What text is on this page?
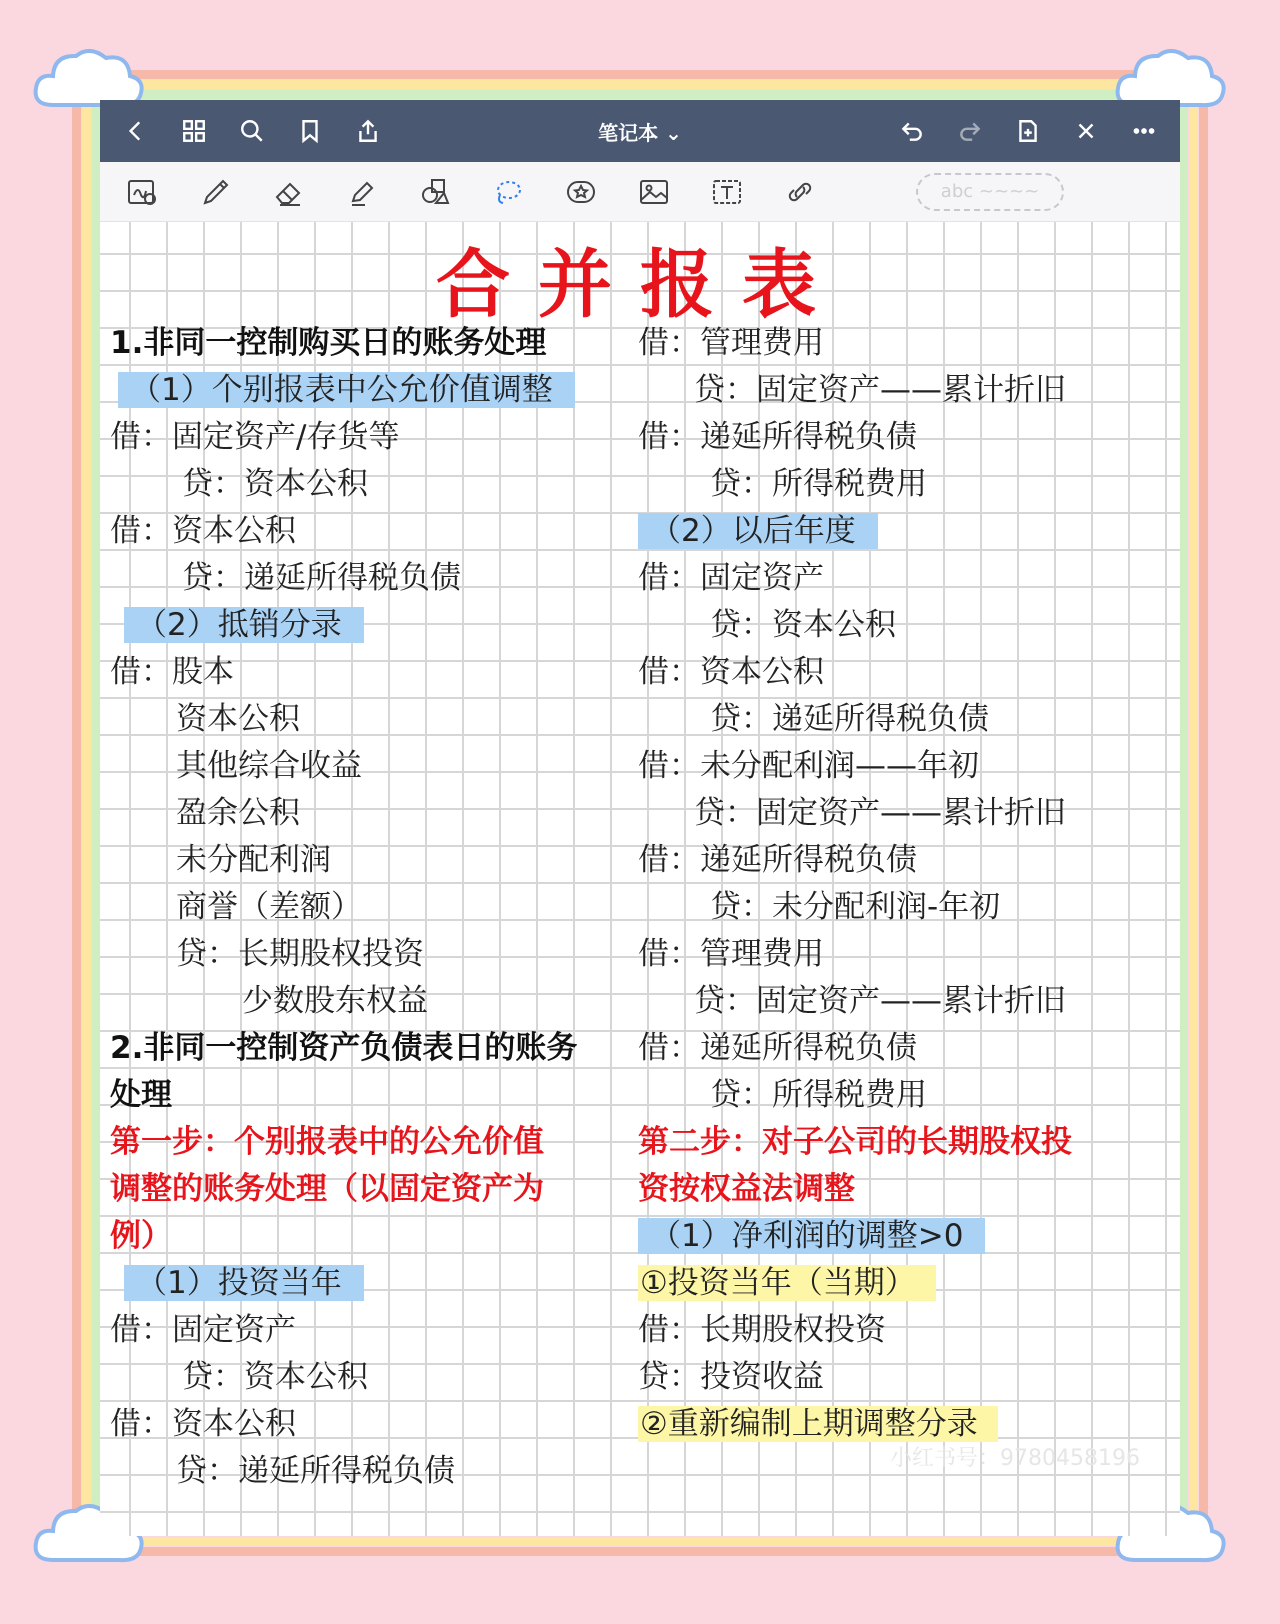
笔记本 ⌄
abc ~~~~
合并报表
1.非同一控制购买日的账务处理
（1）个别报表中公允价值调整
借：固定资产/存货等
贷：资本公积
借：资本公积
贷：递延所得税负债
（2）抵销分录
借：股本
资本公积
其他综合收益
盈余公积
未分配利润
商誉（差额）
贷：长期股权投资
少数股东权益
2.非同一控制资产负债表日的账务
处理
第一步：个别报表中的公允价值
调整的账务处理（以固定资产为
例）
（1）投资当年
借：固定资产
贷：资本公积
借：资本公积
贷：递延所得税负债
借：管理费用
贷：固定资产——累计折旧
借：递延所得税负债
贷：所得税费用
（2）以后年度
借：固定资产
贷：资本公积
借：资本公积
贷：递延所得税负债
借：未分配利润——年初
贷：固定资产——累计折旧
借：递延所得税负债
贷：未分配利润-年初
借：管理费用
贷：固定资产——累计折旧
借：递延所得税负债
贷：所得税费用
第二步：对子公司的长期股权投
资按权益法调整
（1）净利润的调整>0
①投资当年（当期）
借：长期股权投资
贷：投资收益
②重新编制上期调整分录
小红书号：9780458196
